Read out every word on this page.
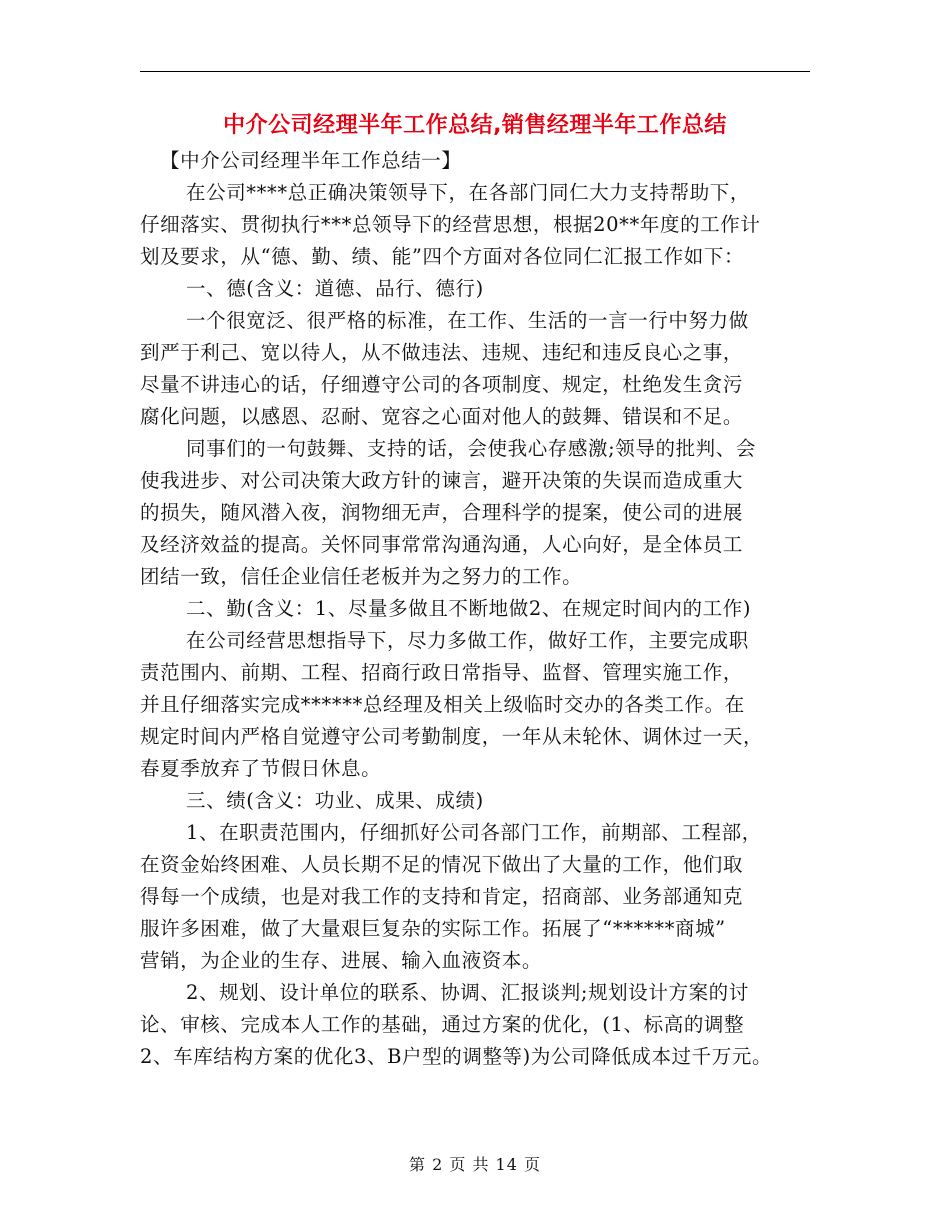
中介公司经理半年工作总结,销售经理半年工作总结

【中介公司经理半年工作总结一】

在公司****总正确决策领导下，在各部门同仁大力支持帮助下，

仔细落实、贯彻执行***总领导下的经营思想，根据20**年度的工作计

划及要求，从“德、勤、绩、能”四个方面对各位同仁汇报工作如下：

一、德(含义：道德、品行、德行)

一个很宽泛、很严格的标准，在工作、生活的一言一行中努力做

到严于利己、宽以待人，从不做违法、违规、违纪和违反良心之事，

尽量不讲违心的话，仔细遵守公司的各项制度、规定，杜绝发生贪污

腐化问题，以感恩、忍耐、宽容之心面对他人的鼓舞、错误和不足。

同事们的一句鼓舞、支持的话，会使我心存感激;领导的批判、会

使我进步、对公司决策大政方针的谏言，避开决策的失误而造成重大

的损失，随风潜入夜，润物细无声，合理科学的提案，使公司的进展

及经济效益的提高。关怀同事常常沟通沟通，人心向好，是全体员工

团结一致，信任企业信任老板并为之努力的工作。

二、勤(含义：1、尽量多做且不断地做2、在规定时间内的工作)

在公司经营思想指导下，尽力多做工作，做好工作，主要完成职

责范围内、前期、工程、招商行政日常指导、监督、管理实施工作，

并且仔细落实完成******总经理及相关上级临时交办的各类工作。在

规定时间内严格自觉遵守公司考勤制度，一年从未轮休、调休过一天，

春夏季放弃了节假日休息。

三、绩(含义：功业、成果、成绩)

1、在职责范围内，仔细抓好公司各部门工作，前期部、工程部，

在资金始终困难、人员长期不足的情况下做出了大量的工作，他们取

得每一个成绩，也是对我工作的支持和肯定，招商部、业务部通知克

服许多困难，做了大量艰巨复杂的实际工作。拓展了“******商城”

营销，为企业的生存、进展、输入血液资本。

2、规划、设计单位的联系、协调、汇报谈判;规划设计方案的讨

论、审核、完成本人工作的基础，通过方案的优化，(1、标高的调整

2、车库结构方案的优化3、B户型的调整等)为公司降低成本过千万元。

第 2 页 共 14 页
